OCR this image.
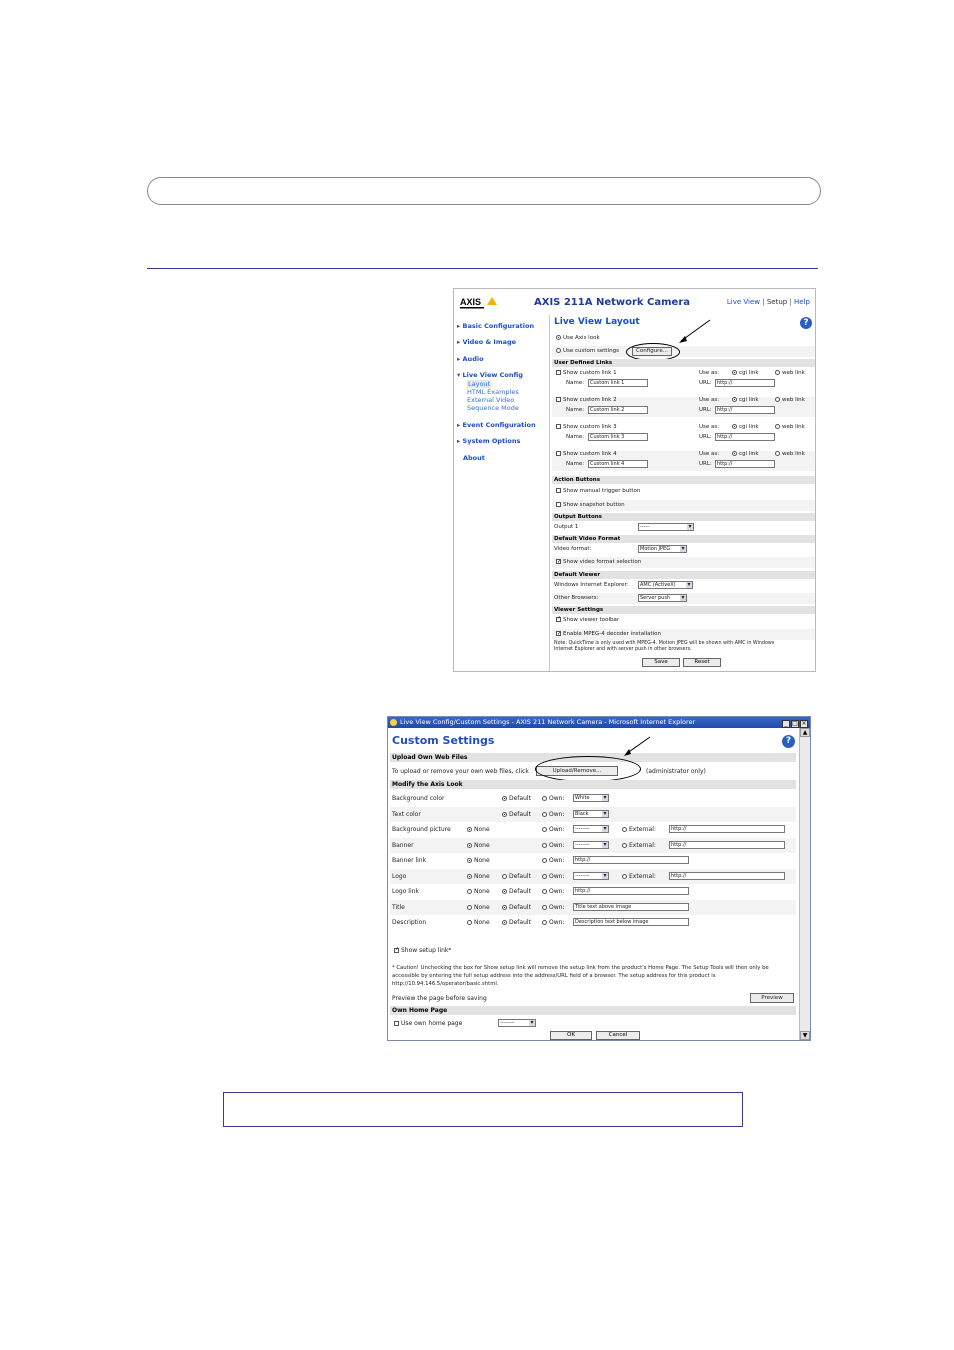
AXIS	AXIS 211A Network Camera	Live View | Setup | Help
▸ Basic Configuration
▸ Video & Image
▸ Audio
▾ Live View Config
Layout
HTML Examples
External Video
Sequence Mode
▸ Event Configuration
▸ System Options
About
Live View Layout	?
Use Axis look
Use custom settings	Configure...
User Defined Links
Show custom link 1	Use as:	cgi link	web link
Name:	Custom link 1	URL:	http://
Show custom link 2	Use as:	cgi link	web link
Name:	Custom link 2	URL:	http://
Show custom link 3	Use as:	cgi link	web link
Name:	Custom link 3	URL:	http://
Show custom link 4	Use as:	cgi link	web link
Name:	Custom link 4	URL:	http://
Action Buttons
Show manual trigger button
Show snapshot button
Output Buttons
Output 1	----- ▾
Default Video Format
Video format:	Motion JPEG ▾
✓Show video format selection
Default Viewer
Windows Internet Explorer:	AMC (ActiveX) ▾
Other Browsers:	Server push ▾
Viewer Settings
✓Show viewer toolbar
✓Enable MPEG-4 decoder installation
Note: QuickTime is only used with MPEG-4. Motion JPEG will be shown with AMC in Windows Internet Explorer and with server push in other browsers.
Save	Reset
Live View Config/Custom Settings - AXIS 211 Network Camera - Microsoft Internet Explorer	_ □ ×
▲
▼
Custom Settings	?
Upload Own Web Files
To upload or remove your own web files, click	Upload/Remove...	(administrator only)
Modify the Axis Look
Background color	Default	Own:	White ▾
Text color	Default	Own:	Black ▾
Background picture	None	Own:	-------- ▾	External:	http://
Banner	None	Own:	-------- ▾	External:	http://
Banner link	None	Own:	http://
Logo	None	Default	Own:	-------- ▾	External:	http://
Logo link	None	Default	Own:	http://
Title	None	Default	Own:	Title text above image
Description	None	Default	Own:	Description text below image
✓Show setup link*
* Caution! Unchecking the box for Show setup link will remove the setup link from the product's Home Page. The Setup Tools will then only be accessible by entering the full setup address into the address/URL field of a browser. The setup address for this product is http://10.94.146.5/operator/basic.shtml.
Preview the page before saving	Preview
Own Home Page
Use own home page	-------- ▾
OK	Cancel
